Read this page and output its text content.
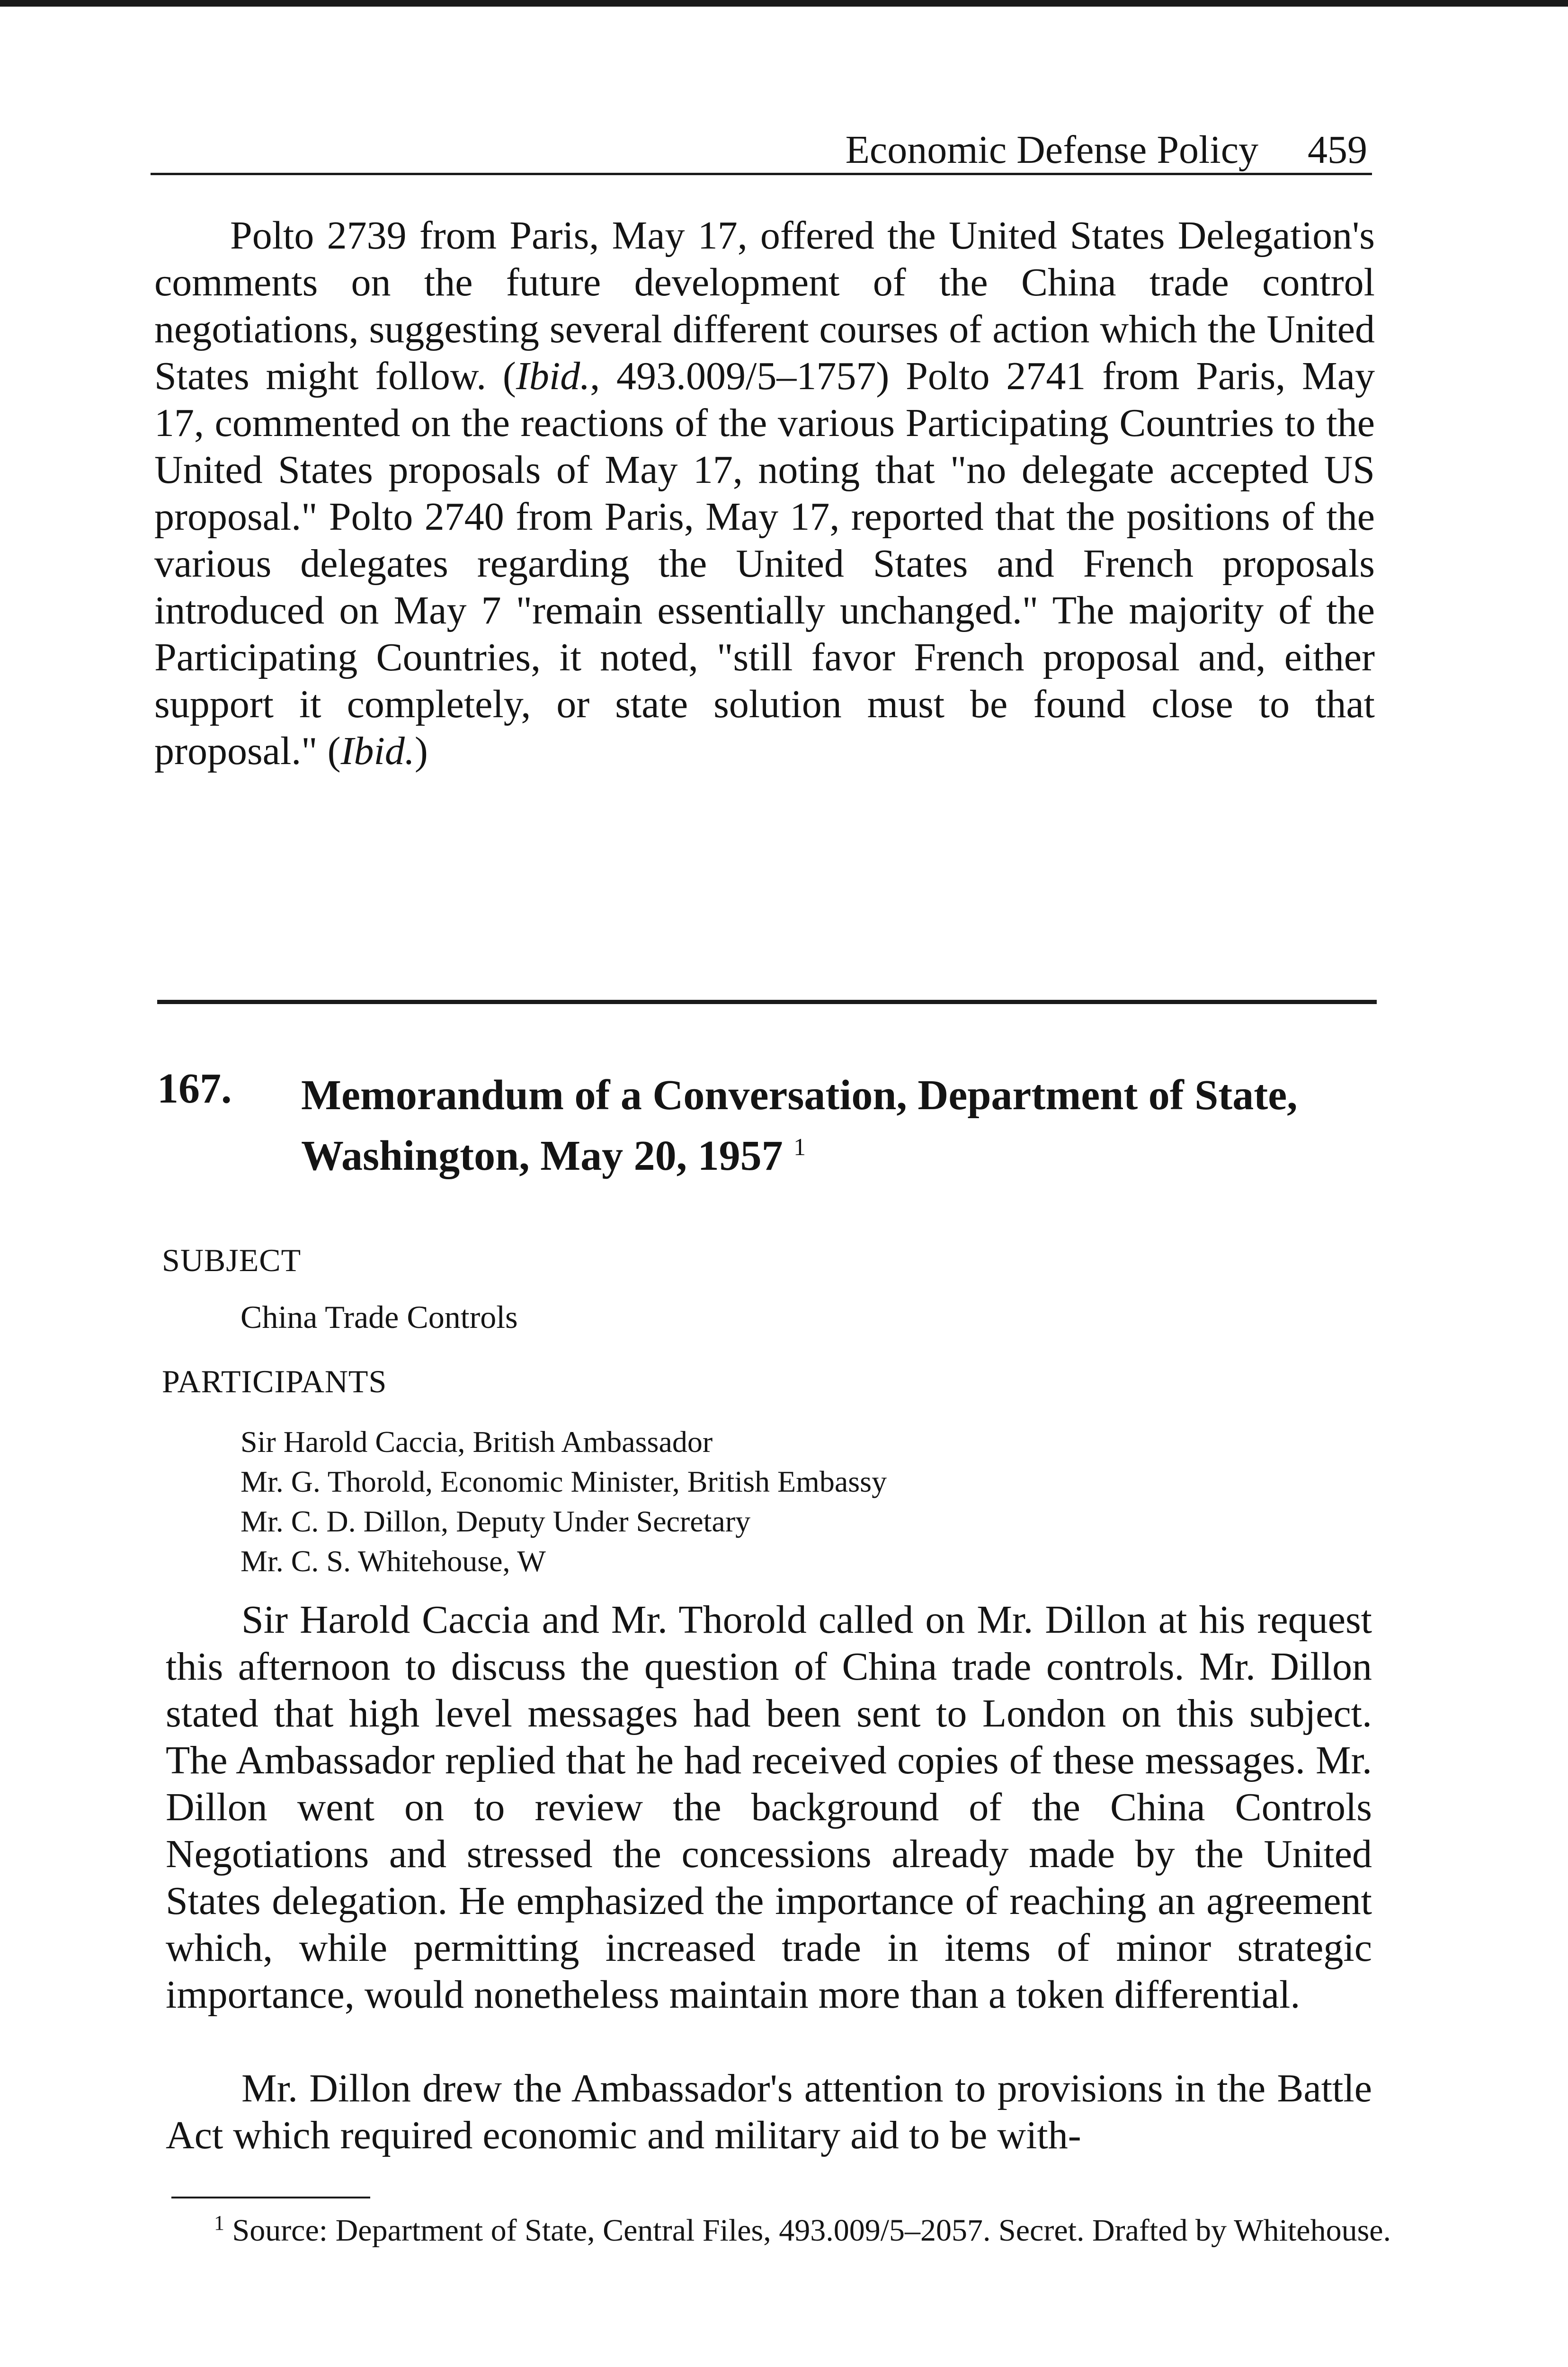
Economic Defense Policy 459

Polto 2739 from Paris, May 17, offered the United States Delegation's comments on the future development of the China trade control negotiations, suggesting several different courses of action which the United States might follow. (Ibid., 493.009/5–1757) Polto 2741 from Paris, May 17, commented on the reactions of the various Participating Countries to the United States proposals of May 17, noting that "no delegate accepted US proposal." Polto 2740 from Paris, May 17, reported that the positions of the various delegates regarding the United States and French proposals introduced on May 7 "remain essentially unchanged." The majority of the Participating Countries, it noted, "still favor French proposal and, either support it completely, or state solution must be found close to that proposal." (Ibid.)

167. Memorandum of a Conversation, Department of State, Washington, May 20, 1957 $^1$
SUBJECT
China Trade Controls
PARTICIPANTS
Sir Harold Caccia, British Ambassador
Mr. G. Thorold, Economic Minister, British Embassy
Mr. C. D. Dillon, Deputy Under Secretary
Mr. C. S. Whitehouse, W

Sir Harold Caccia and Mr. Thorold called on Mr. Dillon at his request this afternoon to discuss the question of China trade controls. Mr. Dillon stated that high level messages had been sent to London on this subject. The Ambassador replied that he had received copies of these messages. Mr. Dillon went on to review the background of the China Controls Negotiations and stressed the concessions already made by the United States delegation. He emphasized the importance of reaching an agreement which, while permitting increased trade in items of minor strategic importance, would nonetheless maintain more than a token differential.

Mr. Dillon drew the Ambassador's attention to provisions in the Battle Act which required economic and military aid to be with-

$^1$ Source: Department of State, Central Files, 493.009/5–2057. Secret. Drafted by Whitehouse.
